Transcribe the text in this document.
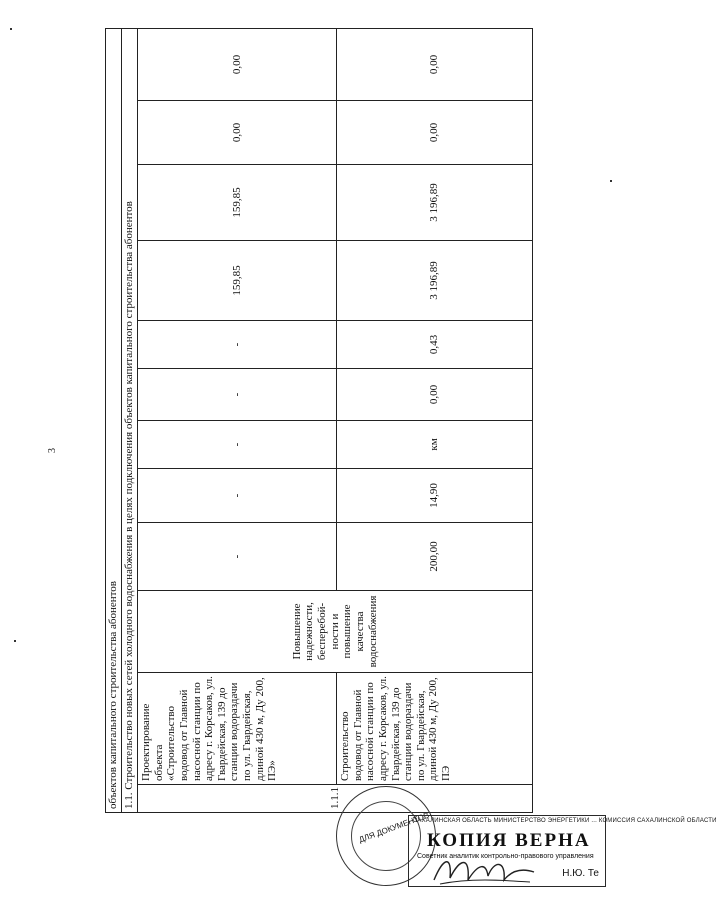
3
объектов капитального строительства абонентов											
1.1. Строительство новых сетей холодного водоснабжения в целях подключения объектов капитального строительства абонентов											
1.1.1	Проектирование объекта «Строительство водовод от Главной насосной станции по адресу г. Корсаков, ул. Гвардейская, 139 до станции водораздачи по ул. Гвардейская, длиной 430 м, Ду 200, ПЭ»	Повышение надежности, бесперебой-ности и повышение качества водоснабжения	-	-	-	-	-	159,85	159,85	0,00	0,00
	Строительство водовод от Главной насосной станции по адресу г. Корсаков, ул. Гвардейская, 139 до станции водораздачи по ул. Гвардейская, длиной 430 м, Ду 200, ПЭ		200,00	14,90	км	0,00	0,43	3 196,89	3 196,89	0,00	0,00
ДЛЯ ДОКУМЕНТОВ
САХАЛИНСКАЯ ОБЛАСТЬ МИНИСТЕРСТВО ЭНЕРГЕТИКИ ... КОМИССИЯ САХАЛИНСКОЙ ОБЛАСТИ
КОПИЯ ВЕРНА
Советник аналитик контрольно-правового управления
Н.Ю. Те
